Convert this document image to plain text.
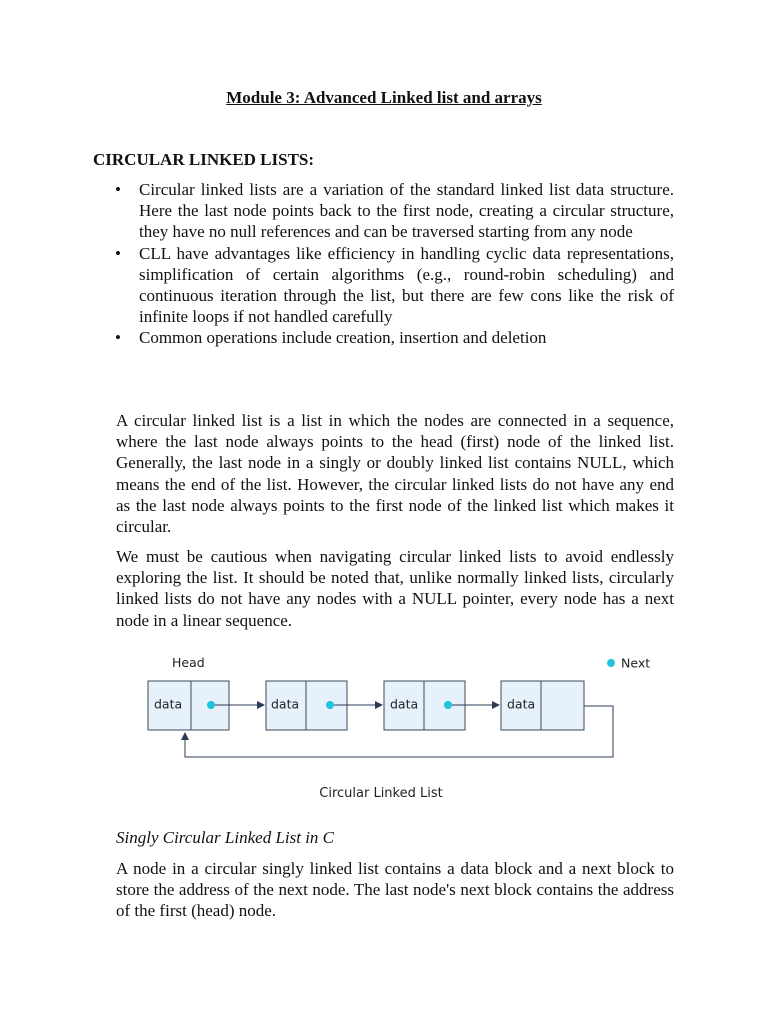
Module 3: Advanced Linked list and arrays
CIRCULAR LINKED LISTS:
• Circular linked lists are a variation of the standard linked list data structure. Here the last node points back to the first node, creating a circular structure, they have no null references and can be traversed starting from any node
• CLL have advantages like efficiency in handling cyclic data representations, simplification of certain algorithms (e.g., round-robin scheduling) and continuous iteration through the list, but there are few cons like the risk of infinite loops if not handled carefully
• Common operations include creation, insertion and deletion

A circular linked list is a list in which the nodes are connected in a sequence, where the last node always points to the head (first) node of the linked list. Generally, the last node in a singly or doubly linked list contains NULL, which means the end of the list. However, the circular linked lists do not have any end as the last node always points to the first node of the linked list which makes it circular.

We must be cautious when navigating circular linked lists to avoid endlessly exploring the list. It should be noted that, unlike normally linked lists, circularly linked lists do not have any nodes with a NULL pointer, every node has a next node in a linear sequence.

Head	Next
data	data	data	data
Circular Linked List
Singly Circular Linked List in C

A node in a circular singly linked list contains a data block and a next block to store the address of the next node. The last node's next block contains the address of the first (head) node.
